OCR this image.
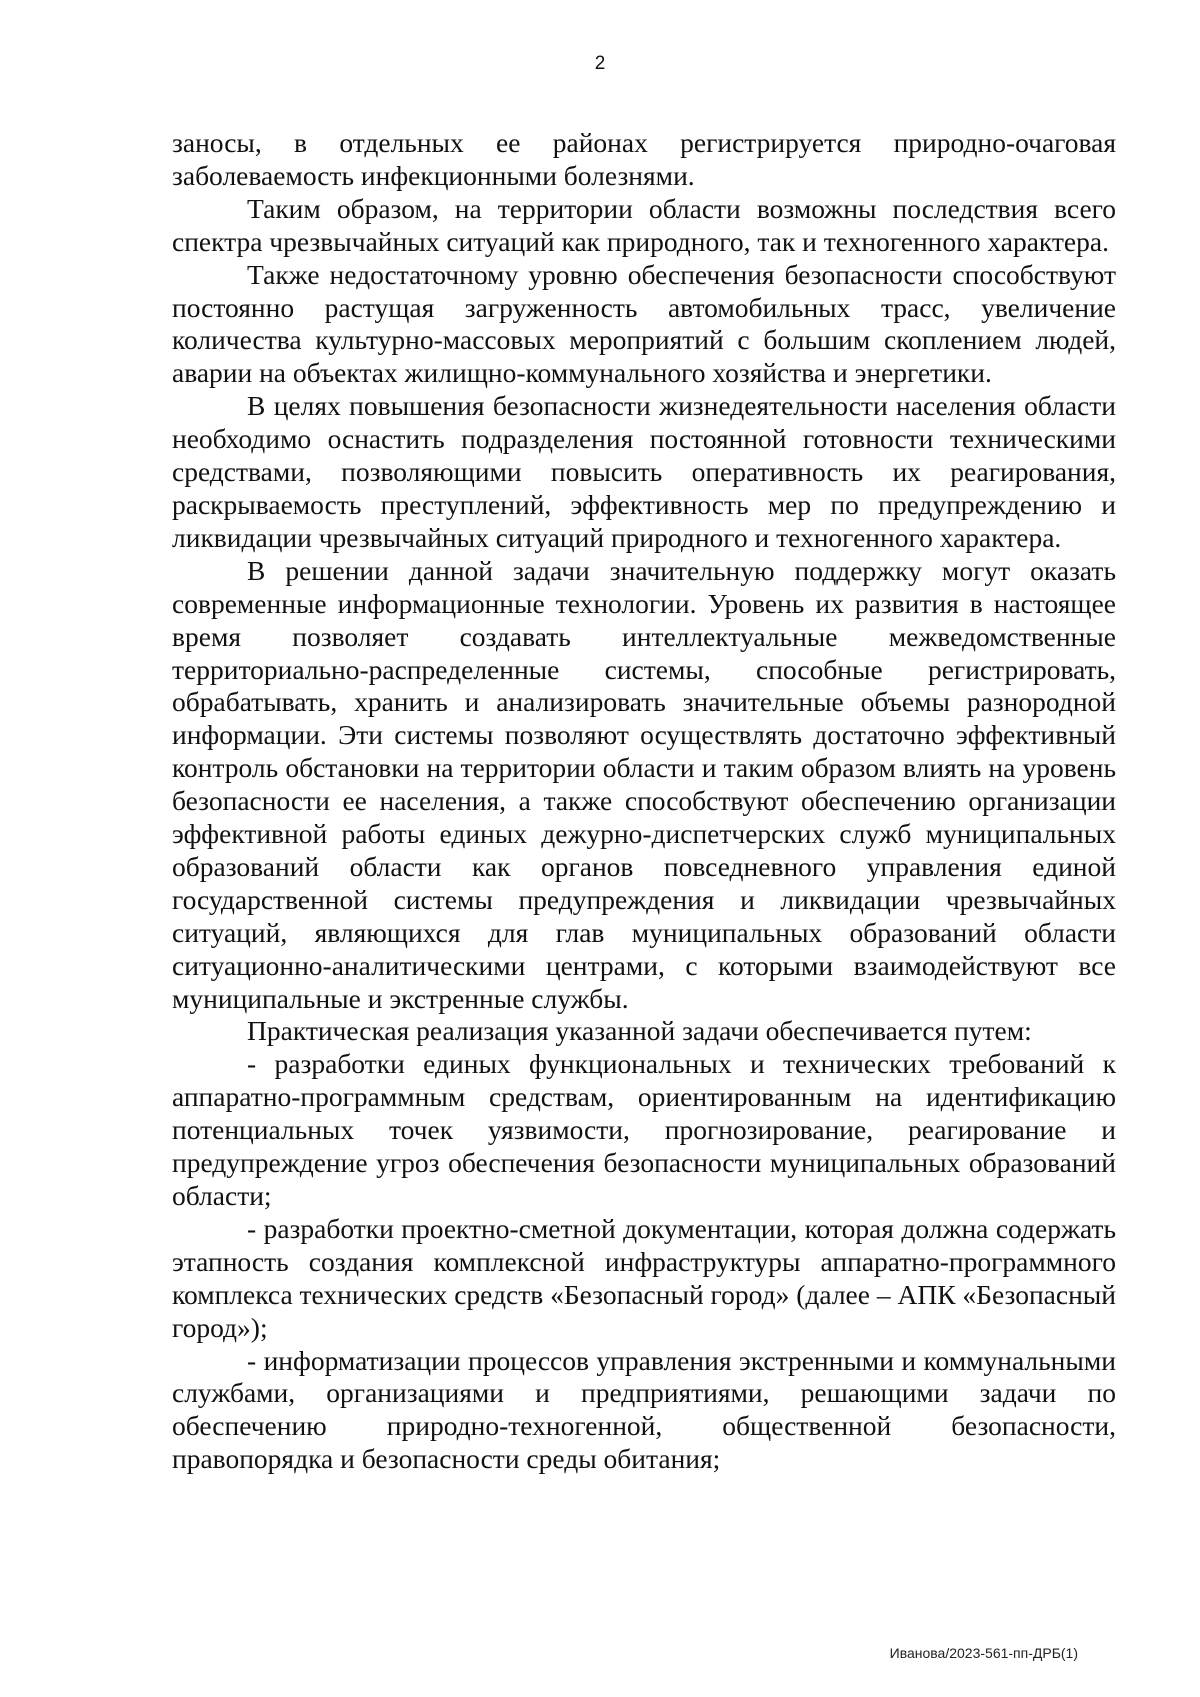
2

заносы, в отдельных ее районах регистрируется природно-очаговая заболеваемость инфекционными болезнями.

Таким образом, на территории области возможны последствия всего спектра чрезвычайных ситуаций как природного, так и техногенного характера.

Также недостаточному уровню обеспечения безопасности способствуют постоянно растущая загруженность автомобильных трасс, увеличение количества культурно-массовых мероприятий с большим скоплением людей, аварии на объектах жилищно-коммунального хозяйства и энергетики.

В целях повышения безопасности жизнедеятельности населения области необходимо оснастить подразделения постоянной готовности техническими средствами, позволяющими повысить оперативность их реагирования, раскрываемость преступлений, эффективность мер по предупреждению и ликвидации чрезвычайных ситуаций природного и техногенного характера.

В решении данной задачи значительную поддержку могут оказать современные информационные технологии. Уровень их развития в настоящее время позволяет создавать интеллектуальные межведомственные территориально-распределенные системы, способные регистрировать, обрабатывать, хранить и анализировать значительные объемы разнородной информации. Эти системы позволяют осуществлять достаточно эффективный контроль обстановки на территории области и таким образом влиять на уровень безопасности ее населения, а также способствуют обеспечению организации эффективной работы единых дежурно-диспетчерских служб муниципальных образований области как органов повседневного управления единой государственной системы предупреждения и ликвидации чрезвычайных ситуаций, являющихся для глав муниципальных образований области ситуационно-аналитическими центрами, с которыми взаимодействуют все муниципальные и экстренные службы.

Практическая реализация указанной задачи обеспечивается путем:

- разработки единых функциональных и технических требований к аппаратно-программным средствам, ориентированным на идентификацию потенциальных точек уязвимости, прогнозирование, реагирование и предупреждение угроз обеспечения безопасности муниципальных образований области;

- разработки проектно-сметной документации, которая должна содержать этапность создания комплексной инфраструктуры аппаратно-программного комплекса технических средств «Безопасный город» (далее – АПК «Безопасный город»);

- информатизации процессов управления экстренными и коммунальными службами, организациями и предприятиями, решающими задачи по обеспечению природно-техногенной, общественной безопасности, правопорядка и безопасности среды обитания;

Иванова/2023-561-пп-ДРБ(1)
